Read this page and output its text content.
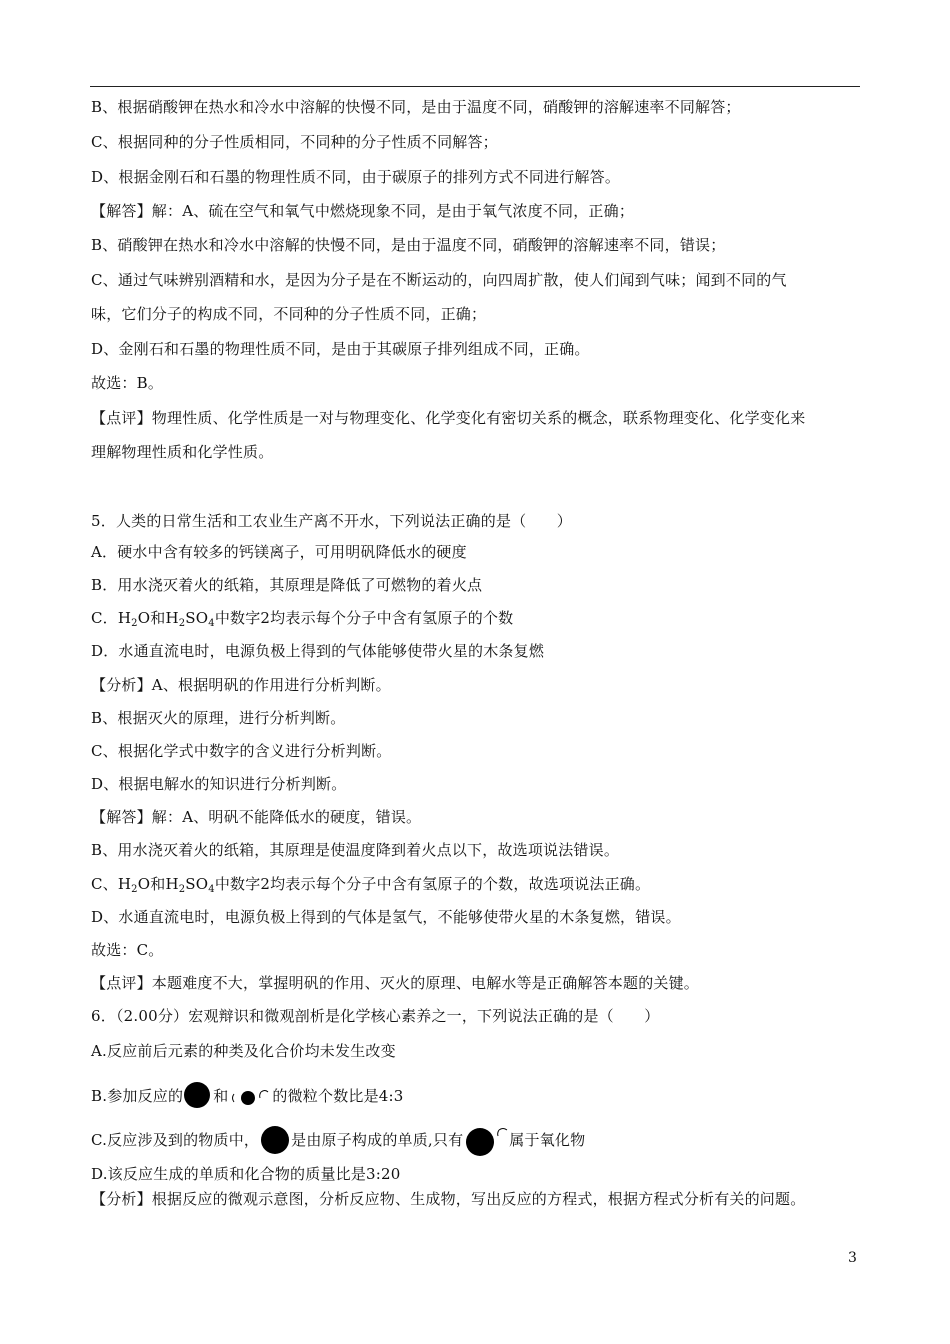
B、根据硝酸钾在热水和冷水中溶解的快慢不同，是由于温度不同，硝酸钾的溶解速率不同解答；
C、根据同种的分子性质相同，不同种的分子性质不同解答；
D、根据金刚石和石墨的物理性质不同，由于碳原子的排列方式不同进行解答。
【解答】解：A、硫在空气和氧气中燃烧现象不同，是由于氧气浓度不同，正确；
B、硝酸钾在热水和冷水中溶解的快慢不同，是由于温度不同，硝酸钾的溶解速率不同，错误；
C、通过气味辨别酒精和水，是因为分子是在不断运动的，向四周扩散，使人们闻到气味；闻到不同的气
味，它们分子的构成不同，不同种的分子性质不同，正确；
D、金刚石和石墨的物理性质不同，是由于其碳原子排列组成不同，正确。
故选：B。
【点评】物理性质、化学性质是一对与物理变化、化学变化有密切关系的概念，联系物理变化、化学变化来
理解物理性质和化学性质。
5．人类的日常生活和工农业生产离不开水，下列说法正确的是（　　）
A．硬水中含有较多的钙镁离子，可用明矾降低水的硬度
B．用水浇灭着火的纸箱，其原理是降低了可燃物的着火点
C．$H_2O$和$H_2SO_4$中数字2均表示每个分子中含有氢原子的个数
D．水通直流电时，电源负极上得到的气体能够使带火星的木条复燃
【分析】A、根据明矾的作用进行分析判断。
B、根据灭火的原理，进行分析判断。
C、根据化学式中数字的含义进行分析判断。
D、根据电解水的知识进行分析判断。
【解答】解：A、明矾不能降低水的硬度，错误。
B、用水浇灭着火的纸箱，其原理是使温度降到着火点以下，故选项说法错误。
C、$H_2O$和$H_2SO_4$中数字2均表示每个分子中含有氢原子的个数，故选项说法正确。
D、水通直流电时，电源负极上得到的气体是氢气，不能够使带火星的木条复燃，错误。
故选：C。
【点评】本题难度不大，掌握明矾的作用、灭火的原理、电解水等是正确解答本题的关键。
6．（2.00分）宏观辩识和微观剖析是化学核心素养之一，下列说法正确的是（　　）
A.反应前后元素的种类及化合价均未发生改变
B.参加反应的 和	的微粒个数比是4:3
C.反应涉及到的物质中， 是由原子构成的单质,只有	属于氧化物
D.该反应生成的单质和化合物的质量比是3:20
【分析】根据反应的微观示意图，分析反应物、生成物，写出反应的方程式，根据方程式分析有关的问题。
3
